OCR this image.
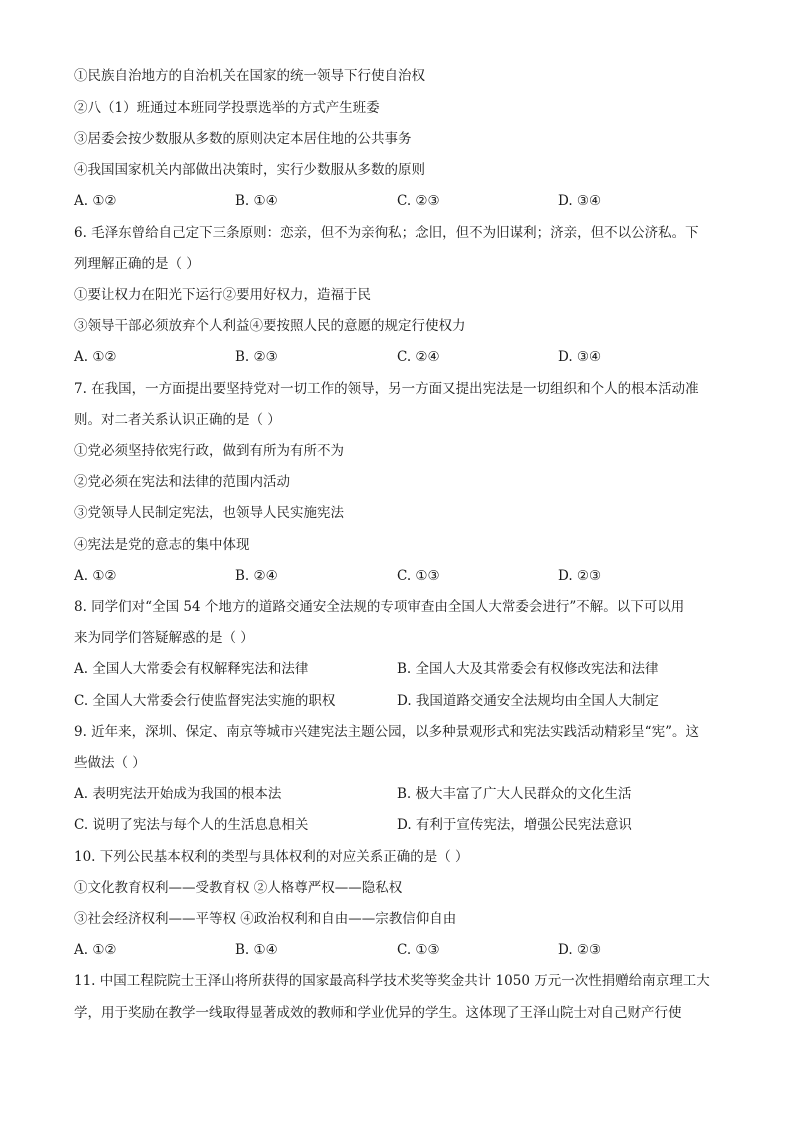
①民族自治地方的自治机关在国家的统一领导下行使自治权
②八（1）班通过本班同学投票选举的方式产生班委
③居委会按少数服从多数的原则决定本居住地的公共事务
④我国国家机关内部做出决策时，实行少数服从多数的原则
A. ①②	B. ①④	C. ②③	D. ③④
6. 毛泽东曾给自己定下三条原则：恋亲，但不为亲徇私；念旧，但不为旧谋利；济亲，但不以公济私。下
列理解正确的是（ ）
①要让权力在阳光下运行②要用好权力，造福于民
③领导干部必须放弃个人利益④要按照人民的意愿的规定行使权力
A. ①②	B. ②③	C. ②④	D. ③④
7. 在我国，一方面提出要坚持党对一切工作的领导，另一方面又提出宪法是一切组织和个人的根本活动准
则。对二者关系认识正确的是（ ）
①党必须坚持依宪行政，做到有所为有所不为
②党必须在宪法和法律的范围内活动
③党领导人民制定宪法，也领导人民实施宪法
④宪法是党的意志的集中体现
A. ①②	B. ②④	C. ①③	D. ②③
8. 同学们对“全国 54 个地方的道路交通安全法规的专项审查由全国人大常委会进行”不解。以下可以用
来为同学们答疑解惑的是（ ）
A. 全国人大常委会有权解释宪法和法律	B. 全国人大及其常委会有权修改宪法和法律
C. 全国人大常委会行使监督宪法实施的职权	D. 我国道路交通安全法规均由全国人大制定
9. 近年来，深圳、保定、南京等城市兴建宪法主题公园，以多种景观形式和宪法实践活动精彩呈“宪”。这
些做法（ ）
A. 表明宪法开始成为我国的根本法	B. 极大丰富了广大人民群众的文化生活
C. 说明了宪法与每个人的生活息息相关	D. 有利于宣传宪法，增强公民宪法意识
10. 下列公民基本权利的类型与具体权利的对应关系正确的是（ ）
①文化教育权利——受教育权 ②人格尊严权——隐私权
③社会经济权利——平等权 ④政治权利和自由——宗教信仰自由
A. ①②	B. ①④	C. ①③	D. ②③
11. 中国工程院院士王泽山将所获得的国家最高科学技术奖等奖金共计 1050 万元一次性捐赠给南京理工大
学，用于奖励在教学一线取得显著成效的教师和学业优异的学生。这体现了王泽山院士对自己财产行使
